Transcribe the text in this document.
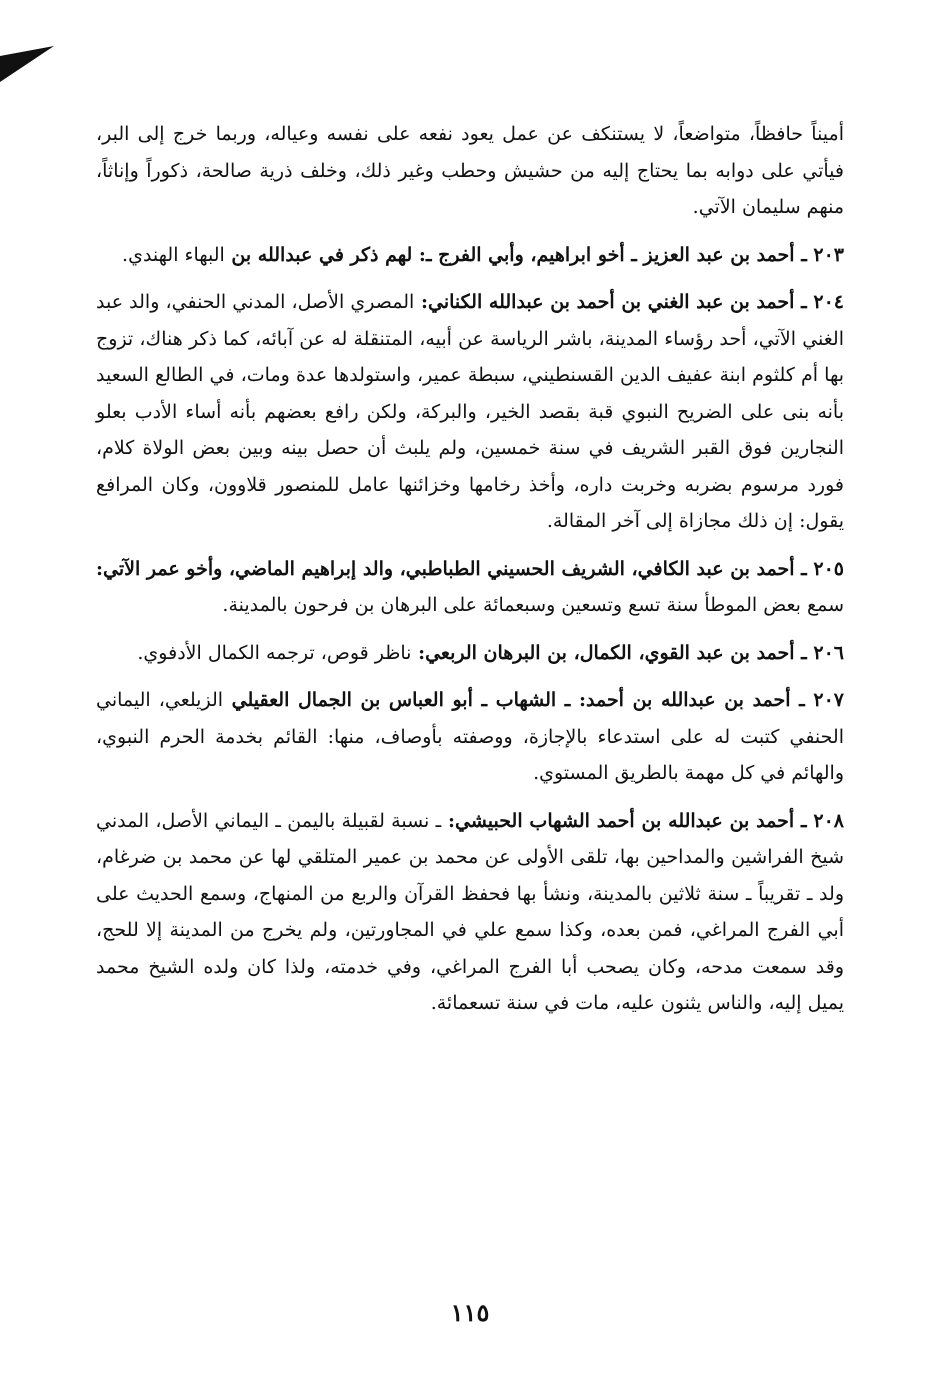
أميناً حافظاً، متواضعاً، لا يستنكف عن عمل يعود نفعه على نفسه وعياله، وربما خرج إلى البر، فيأتي على دوابه بما يحتاج إليه من حشيش وحطب وغير ذلك، وخلف ذرية صالحة، ذكوراً وإناثاً، منهم سليمان الآتي.

٢٠٣ ـ أحمد بن عبد العزيز ـ أخو ابراهيم، وأبي الفرج ـ: لهم ذكر في عبدالله بن البهاء الهندي.

٢٠٤ ـ أحمد بن عبد الغني بن أحمد بن عبدالله الكناني: المصري الأصل، المدني الحنفي، والد عبد الغني الآتي، أحد رؤساء المدينة، باشر الرياسة عن أبيه، المتنقلة له عن آبائه، كما ذكر هناك، تزوج بها أم كلثوم ابنة عفيف الدين القسنطيني، سبطة عمير، واستولدها عدة ومات، في الطالع السعيد بأنه بنى على الضريح النبوي قبة بقصد الخير، والبركة، ولكن رافع بعضهم بأنه أساء الأدب بعلو النجارين فوق القبر الشريف في سنة خمسين، ولم يلبث أن حصل بينه وبين بعض الولاة كلام، فورد مرسوم بضربه وخربت داره، وأخذ رخامها وخزائنها عامل للمنصور قلاوون، وكان المرافع يقول: إن ذلك مجازاة إلى آخر المقالة.

٢٠٥ ـ أحمد بن عبد الكافي، الشريف الحسيني الطباطبي، والد إبراهيم الماضي، وأخو عمر الآتي: سمع بعض الموطأ سنة تسع وتسعين وسبعمائة على البرهان بن فرحون بالمدينة.

٢٠٦ ـ أحمد بن عبد القوي، الكمال، بن البرهان الربعي: ناظر قوص، ترجمه الكمال الأدفوي.

٢٠٧ ـ أحمد بن عبدالله بن أحمد: ـ الشهاب ـ أبو العباس بن الجمال العقيلي الزيلعي، اليماني الحنفي كتبت له على استدعاء بالإجازة، ووصفته بأوصاف، منها: القائم بخدمة الحرم النبوي، والهائم في كل مهمة بالطريق المستوي.

٢٠٨ ـ أحمد بن عبدالله بن أحمد الشهاب الحبيشي: ـ نسبة لقبيلة باليمن ـ اليماني الأصل، المدني شيخ الفراشين والمداحين بها، تلقى الأولى عن محمد بن عمير المتلقي لها عن محمد بن ضرغام، ولد ـ تقريباً ـ سنة ثلاثين بالمدينة، ونشأ بها فحفظ القرآن والربع من المنهاج، وسمع الحديث على أبي الفرج المراغي، فمن بعده، وكذا سمع علي في المجاورتين، ولم يخرج من المدينة إلا للحج، وقد سمعت مدحه، وكان يصحب أبا الفرج المراغي، وفي خدمته، ولذا كان ولده الشيخ محمد يميل إليه، والناس يثنون عليه، مات في سنة تسعمائة.

١١٥
